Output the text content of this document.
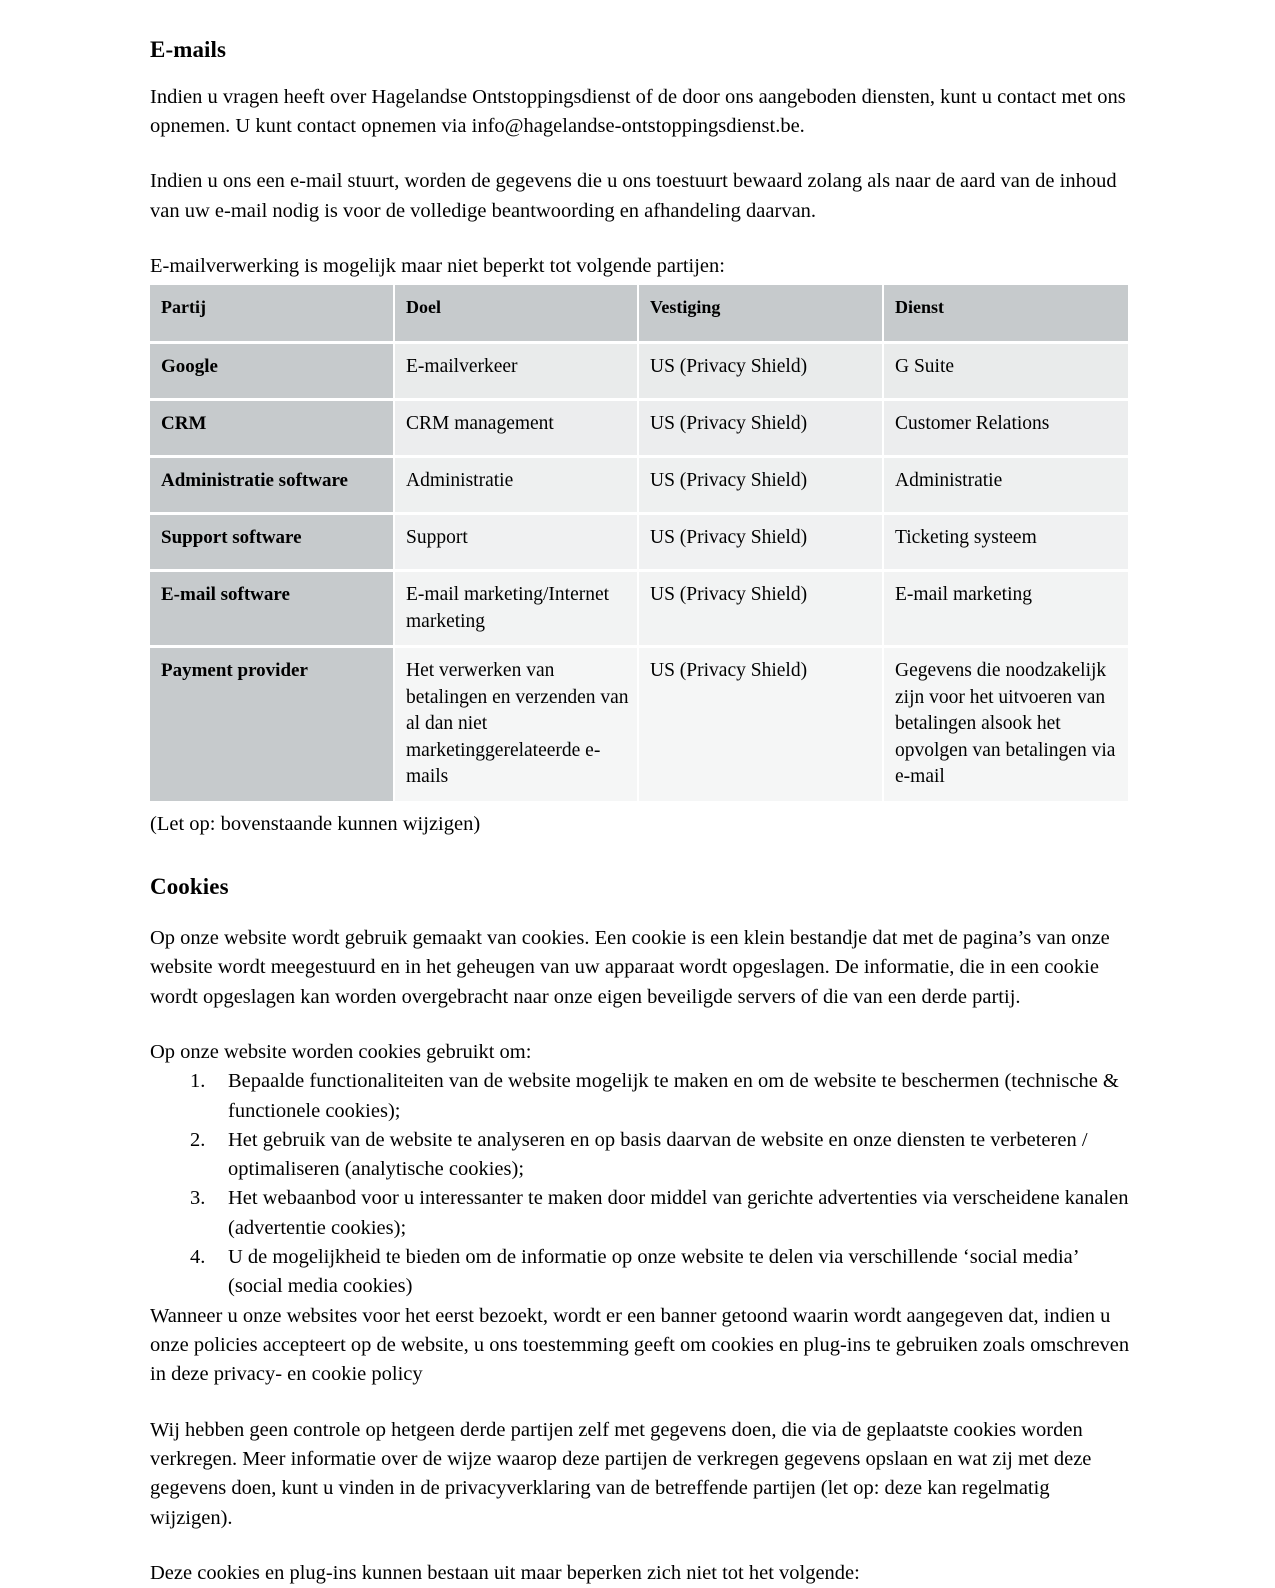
E-mails

Indien u vragen heeft over Hagelandse Ontstoppingsdienst of de door ons aangeboden diensten, kunt u contact met ons opnemen. U kunt contact opnemen via info@hagelandse-ontstoppingsdienst.be.

Indien u ons een e-mail stuurt, worden de gegevens die u ons toestuurt bewaard zolang als naar de aard van de inhoud van uw e-mail nodig is voor de volledige beantwoording en afhandeling daarvan.

E-mailverwerking is mogelijk maar niet beperkt tot volgende partijen:

Partij	Doel	Vestiging	Dienst
Google	E-mailverkeer	US (Privacy Shield)	G Suite
CRM	CRM management	US (Privacy Shield)	Customer Relations
Administratie software	Administratie	US (Privacy Shield)	Administratie
Support software	Support	US (Privacy Shield)	Ticketing systeem
E-mail software	E-mail marketing/Internet marketing	US (Privacy Shield)	E-mail marketing
Payment provider	Het verwerken van betalingen en verzenden van al dan niet marketinggerelateerde e-mails	US (Privacy Shield)	Gegevens die noodzakelijk zijn voor het uitvoeren van betalingen alsook het opvolgen van betalingen via e-mail

(Let op: bovenstaande kunnen wijzigen)

Cookies

Op onze website wordt gebruik gemaakt van cookies. Een cookie is een klein bestandje dat met de pagina’s van onze website wordt meegestuurd en in het geheugen van uw apparaat wordt opgeslagen. De informatie, die in een cookie wordt opgeslagen kan worden overgebracht naar onze eigen beveiligde servers of die van een derde partij.

Op onze website worden cookies gebruikt om:

Bepaalde functionaliteiten van de website mogelijk te maken en om de website te beschermen (technische & functionele cookies);
Het gebruik van de website te analyseren en op basis daarvan de website en onze diensten te verbeteren / optimaliseren (analytische cookies);
Het webaanbod voor u interessanter te maken door middel van gerichte advertenties via verscheidene kanalen (advertentie cookies);
U de mogelijkheid te bieden om de informatie op onze website te delen via verschillende ‘social media’ (social media cookies)

Wanneer u onze websites voor het eerst bezoekt, wordt er een banner getoond waarin wordt aangegeven dat, indien u onze policies accepteert op de website, u ons toestemming geeft om cookies en plug-ins te gebruiken zoals omschreven in deze privacy- en cookie policy

Wij hebben geen controle op hetgeen derde partijen zelf met gegevens doen, die via de geplaatste cookies worden verkregen. Meer informatie over de wijze waarop deze partijen de verkregen gegevens opslaan en wat zij met deze gegevens doen, kunt u vinden in de privacyverklaring van de betreffende partijen (let op: deze kan regelmatig wijzigen).

Deze cookies en plug-ins kunnen bestaan uit maar beperken zich niet tot het volgende:
